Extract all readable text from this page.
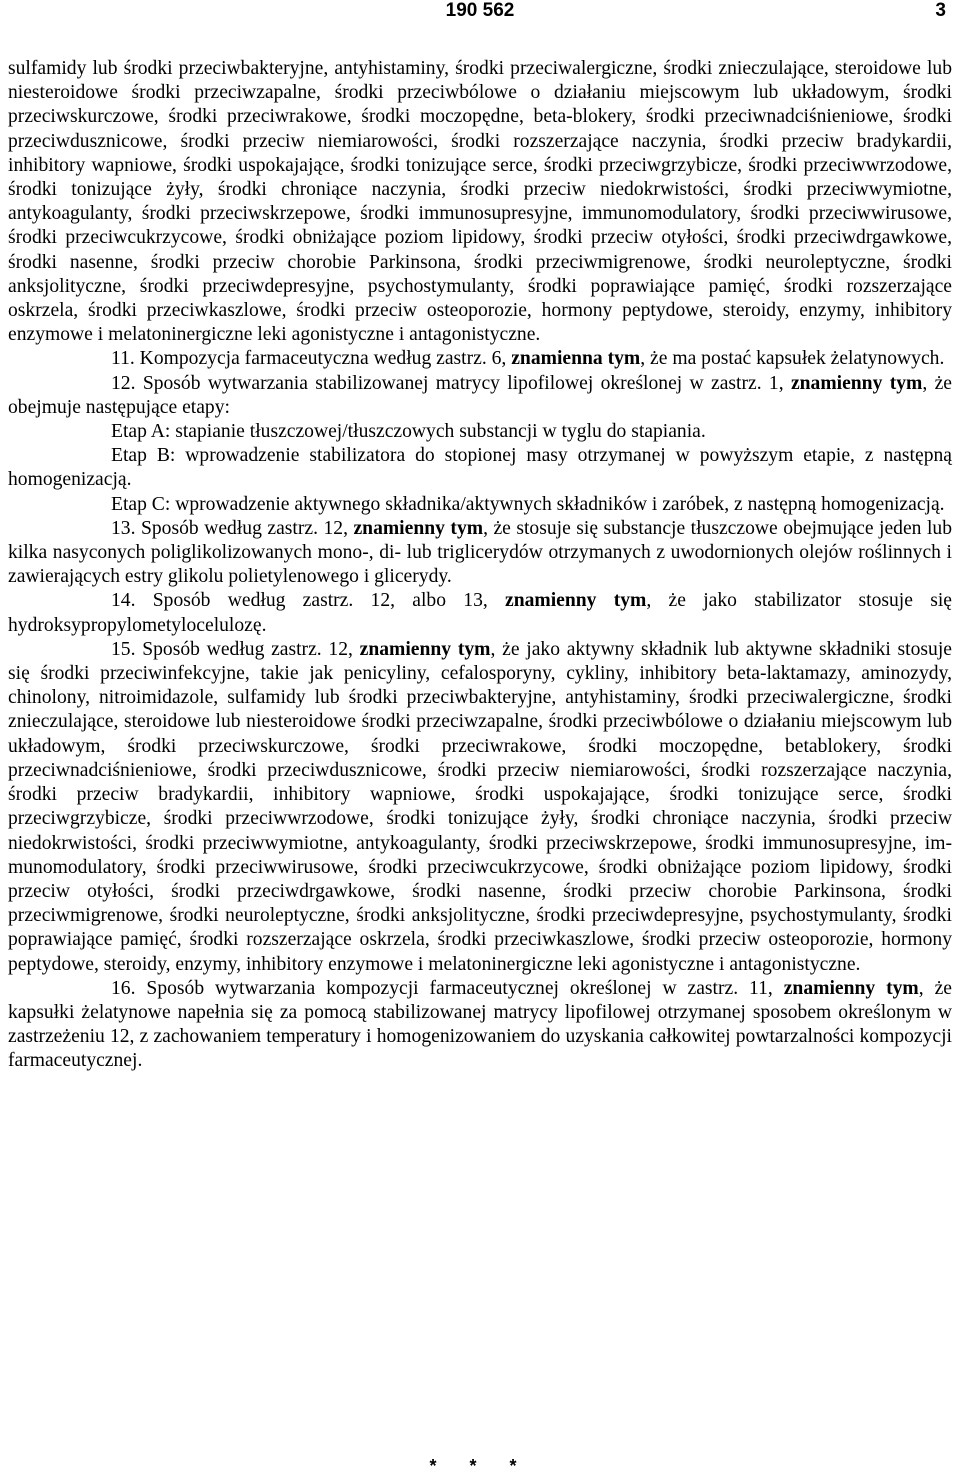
190 562	3

sulfamidy lub środki przeciwbakteryjne, antyhistaminy, środki przeciwalergiczne, środki znieczulające, steroidowe lub niesteroidowe środki przeciwzapalne, środki przeciwbólowe o działaniu miejscowym lub układowym, środki przeciwskurczowe, środki przeciwrakowe, środki moczopędne, beta-blokery, środki przeciwnadciśnieniowe, środki przeciwdusznicowe, środki przeciw niemiarowości, środki rozszerzające naczynia, środki przeciw bradykardii, inhibitory wapniowe, środki uspokajające, środki tonizujące serce, środki przeciwgrzybicze, środki przeciwwrzodowe, środki tonizujące żyły, środki chroniące naczynia, środki przeciw niedokrwistości, środki przeciwwymiotne, antykoagulanty, środki przeciwskrzepowe, środki immunosupresyjne, immunomodulatory, środki przeciwwirusowe, środki przeciwcukrzycowe, środki obniżające poziom lipidowy, środki przeciw otyłości, środki przeciwdrgawkowe, środki nasenne, środki przeciw chorobie Parkinsona, środki przeciwmigrenowe, środki neuroleptyczne, środki anksjolityczne, środki przeciwdepresyjne, psychostymulanty, środki poprawiające pamięć, środki rozszerzające oskrzela, środki przeciwkaszlowe, środki przeciw osteoporozie, hormony peptydowe, steroidy, enzymy, inhibitory enzymowe i melatoninergiczne leki agonistyczne i antagonistyczne.

11. Kompozycja farmaceutyczna według zastrz. 6, znamienna tym, że ma postać kapsułek żelatynowych.

12. Sposób wytwarzania stabilizowanej matrycy lipofilowej określonej w zastrz. 1, znamienny tym, że obejmuje następujące etapy:

Etap A: stapianie tłuszczowej/tłuszczowych substancji w tyglu do stapiania.

Etap B: wprowadzenie stabilizatora do stopionej masy otrzymanej w powyższym etapie, z następną homogenizacją.

Etap C: wprowadzenie aktywnego składnika/aktywnych składników i zaróbek, z następną homogenizacją.

13. Sposób według zastrz. 12, znamienny tym, że stosuje się substancje tłuszczowe obejmujące jeden lub kilka nasyconych poliglikolizowanych mono-, di- lub triglicerydów otrzymanych z uwodornionych olejów roślinnych i zawierających estry glikolu polietylenowego i glicerydy.

14. Sposób według zastrz. 12, albo 13, znamienny tym, że jako stabilizator stosuje się hydroksypropylometylocelulozę.

15. Sposób według zastrz. 12, znamienny tym, że jako aktywny składnik lub aktywne składniki stosuje się środki przeciwinfekcyjne, takie jak penicyliny, cefalosporyny, cykliny, inhibitory beta-laktamazy, aminozydy, chinolony, nitroimidazole, sulfamidy lub środki przeciwbakteryjne, antyhistaminy, środki przeciwalergiczne, środki znieczulające, steroidowe lub niesteroidowe środki przeciwzapalne, środki przeciwbólowe o działaniu miejscowym lub układowym, środki przeciwskurczowe, środki przeciwrakowe, środki moczopędne, betablokery, środki przeciwnadciśnieniowe, środki przeciwdusznicowe, środki przeciw niemiarowości, środki rozszerzające naczynia, środki przeciw bradykardii, inhibitory wapniowe, środki uspokajające, środki tonizujące serce, środki przeciwgrzybicze, środki przeciwwrzodowe, środki tonizujące żyły, środki chroniące naczynia, środki przeciw niedokrwistości, środki przeciwwymiotne, antykoagulanty, środki przeciwskrzepowe, środki immunosupresyjne, immunomodulatory, środki przeciwwirusowe, środki przeciwcukrzycowe, środki obniżające poziom lipidowy, środki przeciw otyłości, środki przeciwdrgawkowe, środki nasenne, środki przeciw chorobie Parkinsona, środki przeciwmigrenowe, środki neuroleptyczne, środki anksjolityczne, środki przeciwdepresyjne, psychostymulanty, środki poprawiające pamięć, środki rozszerzające oskrzela, środki przeciwkaszlowe, środki przeciw osteoporozie, hormony peptydowe, steroidy, enzymy, inhibitory enzymowe i melatoninergiczne leki agonistyczne i antagonistyczne.

16. Sposób wytwarzania kompozycji farmaceutycznej określonej w zastrz. 11, znamienny tym, że kapsułki żelatynowe napełnia się za pomocą stabilizowanej matrycy lipofilowej otrzymanej sposobem określonym w zastrzeżeniu 12, z zachowaniem temperatury i homogenizowaniem do uzyskania całkowitej powtarzalności kompozycji farmaceutycznej.

* * *
